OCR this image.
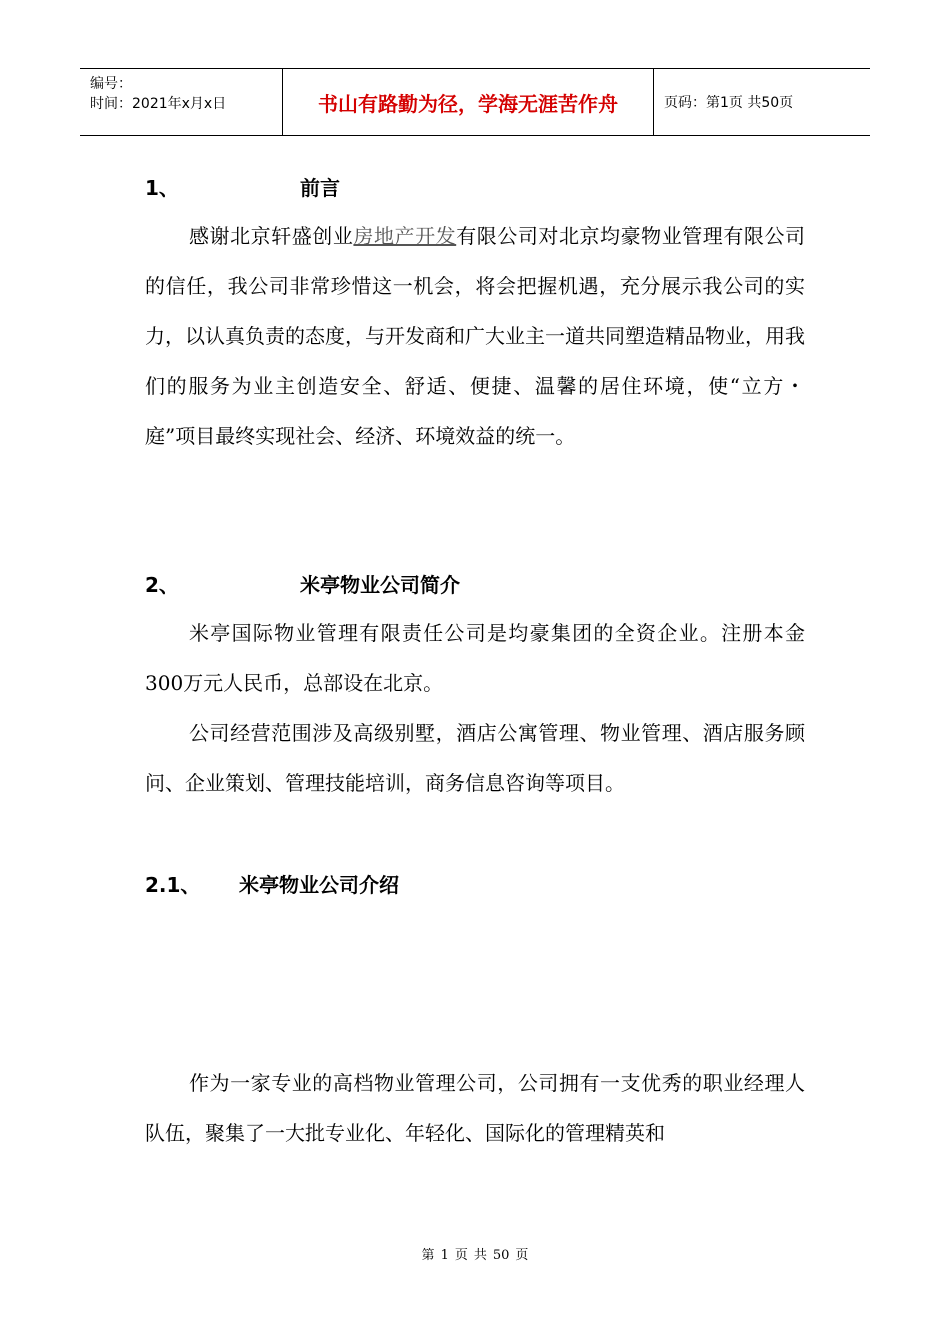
编号：
时间：2021年x月x日	书山有路勤为径，学海无涯苦作舟	页码：第1页 共50页
1、	前言

感谢北京轩盛创业房地产开发有限公司对北京均豪物业管理有限公司的信任，我公司非常珍惜这一机会，将会把握机遇，充分展示我公司的实力，以认真负责的态度，与开发商和广大业主一道共同塑造精品物业，用我们的服务为业主创造安全、舒适、便捷、温馨的居住环境，使“立方・庭”项目最终实现社会、经济、环境效益的统一。

2、	米亭物业公司简介

米亭国际物业管理有限责任公司是均豪集团的全资企业。注册本金300万元人民币，总部设在北京。

公司经营范围涉及高级别墅，酒店公寓管理、物业管理、酒店服务顾问、企业策划、管理技能培训，商务信息咨询等项目。

2.1、 米亭物业公司介绍

作为一家专业的高档物业管理公司，公司拥有一支优秀的职业经理人队伍，聚集了一大批专业化、年轻化、国际化的管理精英和

第 1 页 共 50 页
